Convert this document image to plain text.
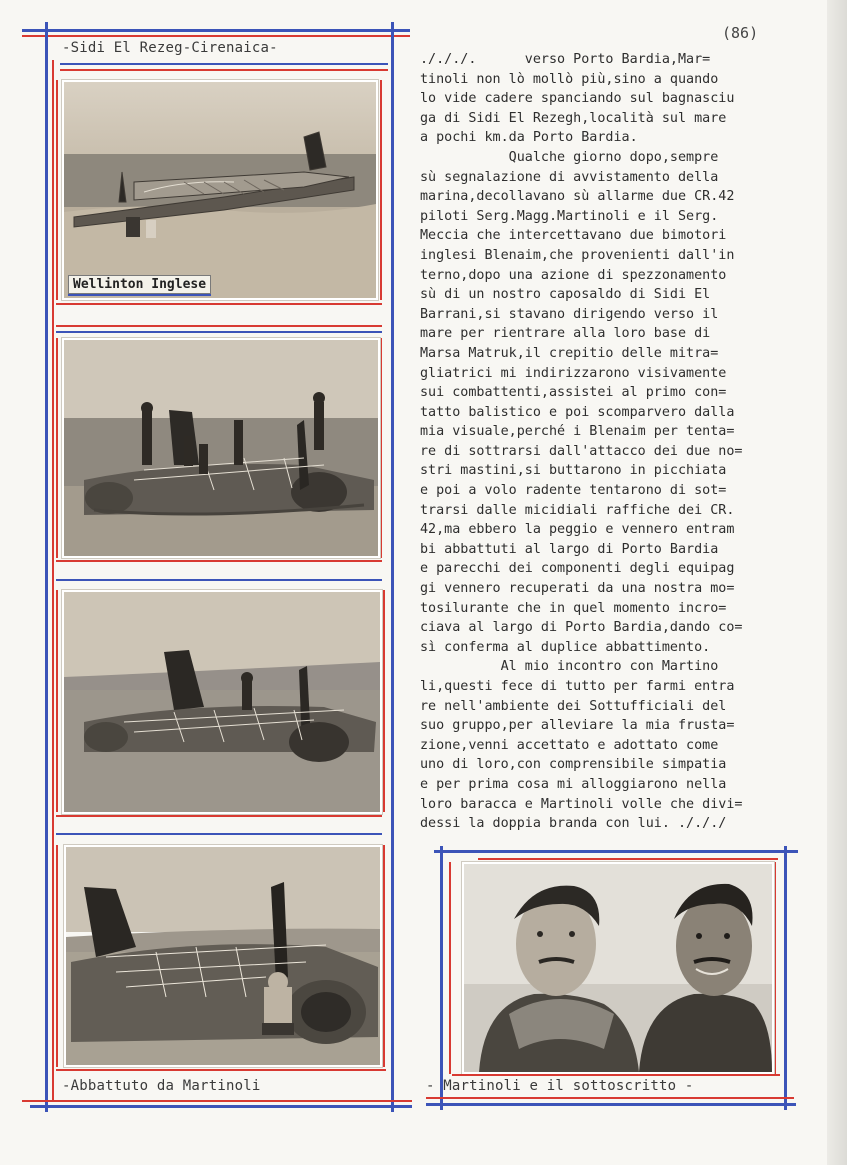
(86)
-Sidi El Rezeg-Cirenaica-
Wellinton Inglese
-Abbattuto da Martinoli
./././.      verso Porto Bardia,Mar=
tinoli non lò mollò più,sino a quando
lo vide cadere spanciando sul bagnasciu
ga di Sidi El Rezegh,località sul mare
a pochi km.da Porto Bardia.
Qualche giorno dopo,sempre
sù segnalazione di avvistamento della
marina,decollavano sù allarme due CR.42
piloti Serg.Magg.Martinoli e il Serg.
Meccia che intercettavano due bimotori
inglesi Blenaim,che provenienti dall'in
terno,dopo una azione di spezzonamento
sù di un nostro caposaldo di Sidi El
Barrani,si stavano dirigendo verso il
mare per rientrare alla loro base di
Marsa Matruk,il crepitio delle mitra=
gliatrici mi indirizzarono visivamente
sui combattenti,assistei al primo con=
tatto balistico e poi scomparvero dalla
mia visuale,perché i Blenaim per tenta=
re di sottrarsi dall'attacco dei due no=
stri mastini,si buttarono in picchiata
e poi a volo radente tentarono di sot=
trarsi dalle micidiali raffiche dei CR.
42,ma ebbero la peggio e vennero entram
bi abbattuti al largo di Porto Bardia
e parecchi dei componenti degli equipag
gi vennero recuperati da una nostra mo=
tosilurante che in quel momento incro=
ciava al largo di Porto Bardia,dando co=
sì conferma al duplice abbattimento.
Al mio incontro con Martino
li,questi fece di tutto per farmi entra
re nell'ambiente dei Sottufficiali del
suo gruppo,per alleviare la mia frusta=
zione,venni accettato e adottato come
uno di loro,con comprensibile simpatia
e per prima cosa mi alloggiarono nella
loro baracca e Martinoli volle che divi=
dessi la doppia branda con lui. ./././
- Martinoli e il sottoscritto -
